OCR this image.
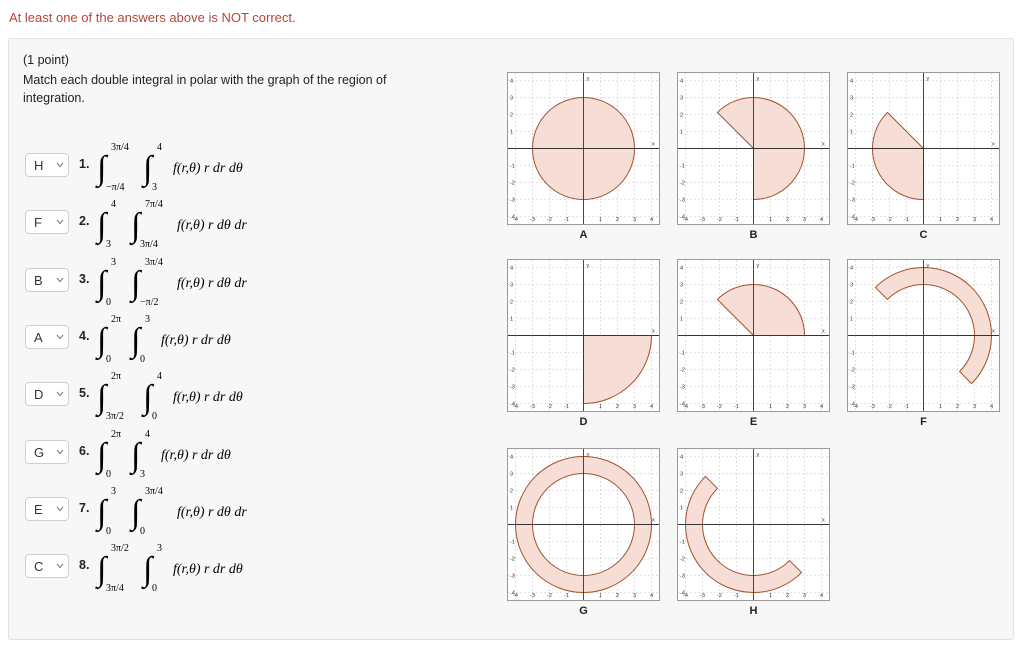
At least one of the answers above is NOT correct.
(1 point)
Match each double integral in polar with the graph of the region of integration.
H	1. ∫
3π/4
−π/4
∫
4
3
f(r,θ) r dr dθ
F	2. ∫
4
3
∫
7π/4
3π/4
f(r,θ) r dθ dr
B	3. ∫
3
0
∫
3π/4
−π/2
f(r,θ) r dθ dr
A	4. ∫
2π
0
∫
3
0
f(r,θ) r dr dθ
D	5. ∫
2π
3π/2
∫
4
0
f(r,θ) r dr dθ
G	6. ∫
2π
0
∫
4
3
f(r,θ) r dr dθ
E	7. ∫
3
0
∫
3π/4
0
f(r,θ) r dθ dr
C	8. ∫
3π/2
3π/4
∫
3
0
f(r,θ) r dr dθ
-4 -3 -2 -1	1	2	3	4
4
3
2
1
-1
-2
-3
-4
x
y
A
-4 -3 -2 -1	1	2	3	4
4
3
2
1
-1
-2
-3
-4
x
y
B
-4 -3 -2 -1	1	2	3	4
4
3
2
1
-1
-2
-3
-4
x
y
C
-4 -3 -2 -1	1	2	3	4
4
3
2
1
-1
-2
-3
-4
x
y
D
-4 -3 -2 -1	1	2	3	4
4
3
2
1
-1
-2
-3
-4
x
y
E
-4 -3 -2 -1	1	2	3	4
4
3
2
1
-1
-2
-3
-4
x
y
F
-4 -3 -2 -1	1	2	3	4
4
3
2
1
-1
-2
-3
-4
x
y
G
-4 -3 -2 -1	1	2	3	4
4
3
2
1
-1
-2
-3
-4
x
y
H
